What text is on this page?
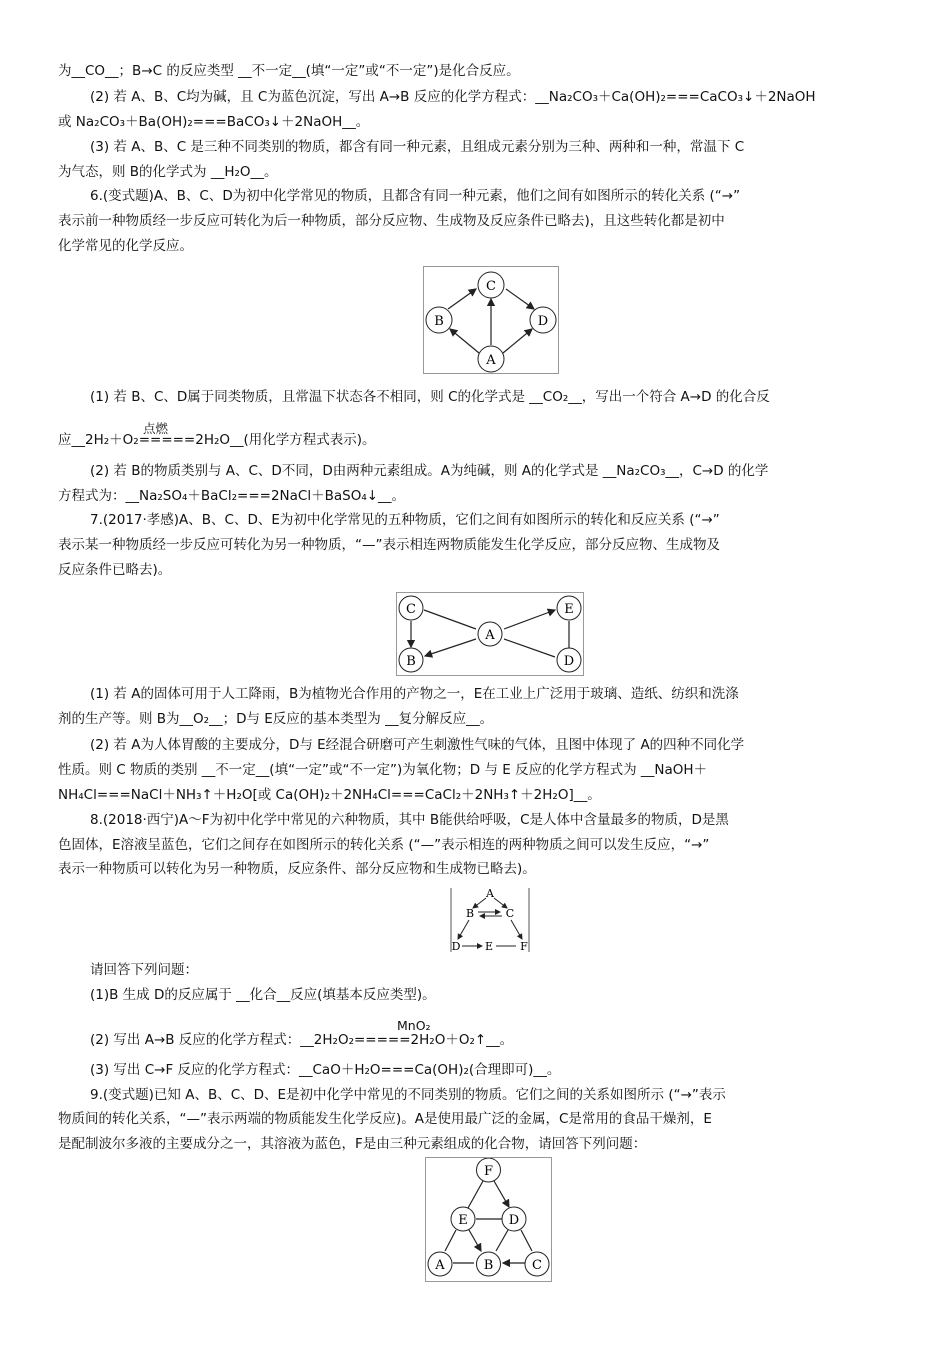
为__CO__；B→C 的反应类型 __不一定__(填“一定”或“不一定”)是化合反应。
(2) 若 A、B、C均为碱，且 C为蓝色沉淀，写出 A→B 反应的化学方程式：__Na₂CO₃＋Ca(OH)₂===CaCO₃↓＋2NaOH
或 Na₂CO₃＋Ba(OH)₂===BaCO₃↓＋2NaOH__。
(3) 若 A、B、C 是三种不同类别的物质，都含有同一种元素，且组成元素分别为三种、两种和一种，常温下 C
为气态，则 B的化学式为 __H₂O__。
6.(变式题)A、B、C、D为初中化学常见的物质，且都含有同一种元素，他们之间有如图所示的转化关系 (“→”
表示前一种物质经一步反应可转化为后一种物质，部分反应物、生成物及反应条件已略去)，且这些转化都是初中
化学常见的化学反应。
C
B	D
A
(1) 若 B、C、D属于同类物质，且常温下状态各不相同，则 C的化学式是 __CO₂__，写出一个符合 A→D 的化合反
点燃
应__2H₂＋O₂=====2H₂O__(用化学方程式表示)。
(2) 若 B的物质类别与 A、C、D不同，D由两种元素组成。A为纯碱，则 A的化学式是 __Na₂CO₃__，C→D 的化学
方程式为：__Na₂SO₄＋BaCl₂===2NaCl＋BaSO₄↓__。
7.(2017·孝感)A、B、C、D、E为初中化学常见的五种物质，它们之间有如图所示的转化和反应关系 (“→”
表示某一种物质经一步反应可转化为另一种物质，“—”表示相连两物质能发生化学反应，部分反应物、生成物及
反应条件已略去)。
C	E
A
B	D
(1) 若 A的固体可用于人工降雨，B为植物光合作用的产物之一，E在工业上广泛用于玻璃、造纸、纺织和洗涤
剂的生产等。则 B为__O₂__；D与 E反应的基本类型为 __复分解反应__。
(2) 若 A为人体胃酸的主要成分，D与 E经混合研磨可产生刺激性气味的气体，且图中体现了 A的四种不同化学
性质。则 C 物质的类别 __不一定__(填“一定”或“不一定”)为氧化物；D 与 E 反应的化学方程式为 __NaOH＋
NH₄Cl===NaCl＋NH₃↑＋H₂O[或 Ca(OH)₂＋2NH₄Cl===CaCl₂＋2NH₃↑＋2H₂O]__。
8.(2018·西宁)A～F为初中化学中常见的六种物质，其中 B能供给呼吸，C是人体中含量最多的物质，D是黑
色固体，E溶液呈蓝色，它们之间存在如图所示的转化关系 (“—”表示相连的两种物质之间可以发生反应，“→”
表示一种物质可以转化为另一种物质，反应条件、部分反应物和生成物已略去)。
A
B	C
D E F
请回答下列问题：
(1)B 生成 D的反应属于 __化合__反应(填基本反应类型)。
MnO₂
(2) 写出 A→B 反应的化学方程式：__2H₂O₂=====2H₂O＋O₂↑__。
(3) 写出 C→F 反应的化学方程式：__CaO＋H₂O===Ca(OH)₂(合理即可)__。
9.(变式题)已知 A、B、C、D、E是初中化学中常见的不同类别的物质。它们之间的关系如图所示 (“→”表示
物质间的转化关系，“—”表示两端的物质能发生化学反应)。A是使用最广泛的金属，C是常用的食品干燥剂，E
是配制波尔多液的主要成分之一，其溶液为蓝色，F是由三种元素组成的化合物，请回答下列问题：
F
E	D
A	B	C
